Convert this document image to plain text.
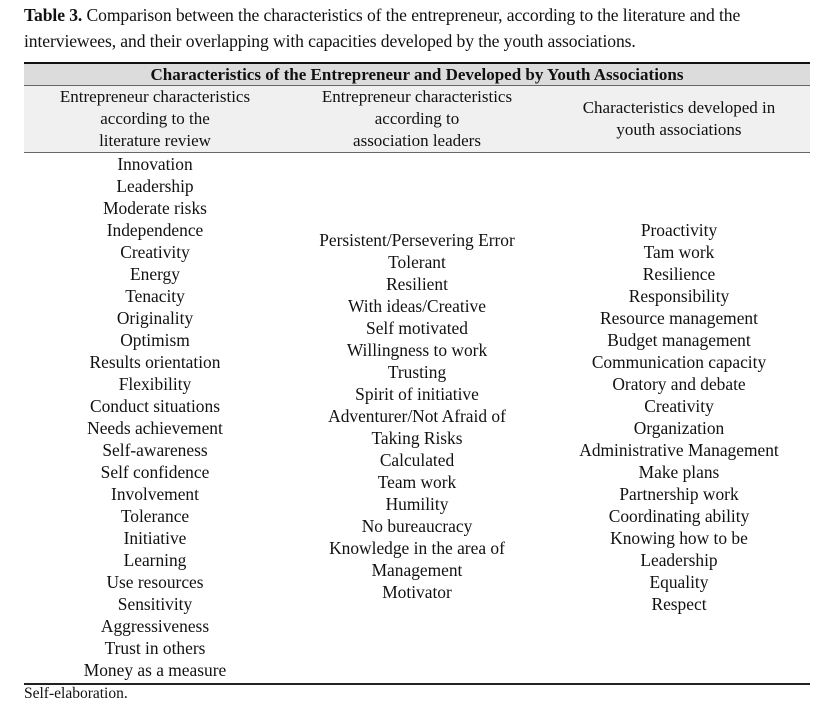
Table 3. Comparison between the characteristics of the entrepreneur, according to the literature and the interviewees, and their overlapping with capacities developed by the youth associations.
Characteristics of the Entrepreneur and Developed by Youth Associations
Entrepreneur characteristics
according to the
literature review
Entrepreneur characteristics
according to
association leaders
Characteristics developed in
youth associations
Innovation
Leadership
Moderate risks
Independence
Creativity
Energy
Tenacity
Originality
Optimism
Results orientation
Flexibility
Conduct situations
Needs achievement
Self-awareness
Self confidence
Involvement
Tolerance
Initiative
Learning
Use resources
Sensitivity
Aggressiveness
Trust in others
Money as a measure
Persistent/Persevering Error
Tolerant
Resilient
With ideas/Creative
Self motivated
Willingness to work
Trusting
Spirit of initiative
Adventurer/Not Afraid of
Taking Risks
Calculated
Team work
Humility
No bureaucracy
Knowledge in the area of
Management
Motivator
Proactivity
Tam work
Resilience
Responsibility
Resource management
Budget management
Communication capacity
Oratory and debate
Creativity
Organization
Administrative Management
Make plans
Partnership work
Coordinating ability
Knowing how to be
Leadership
Equality
Respect
Self-elaboration.
